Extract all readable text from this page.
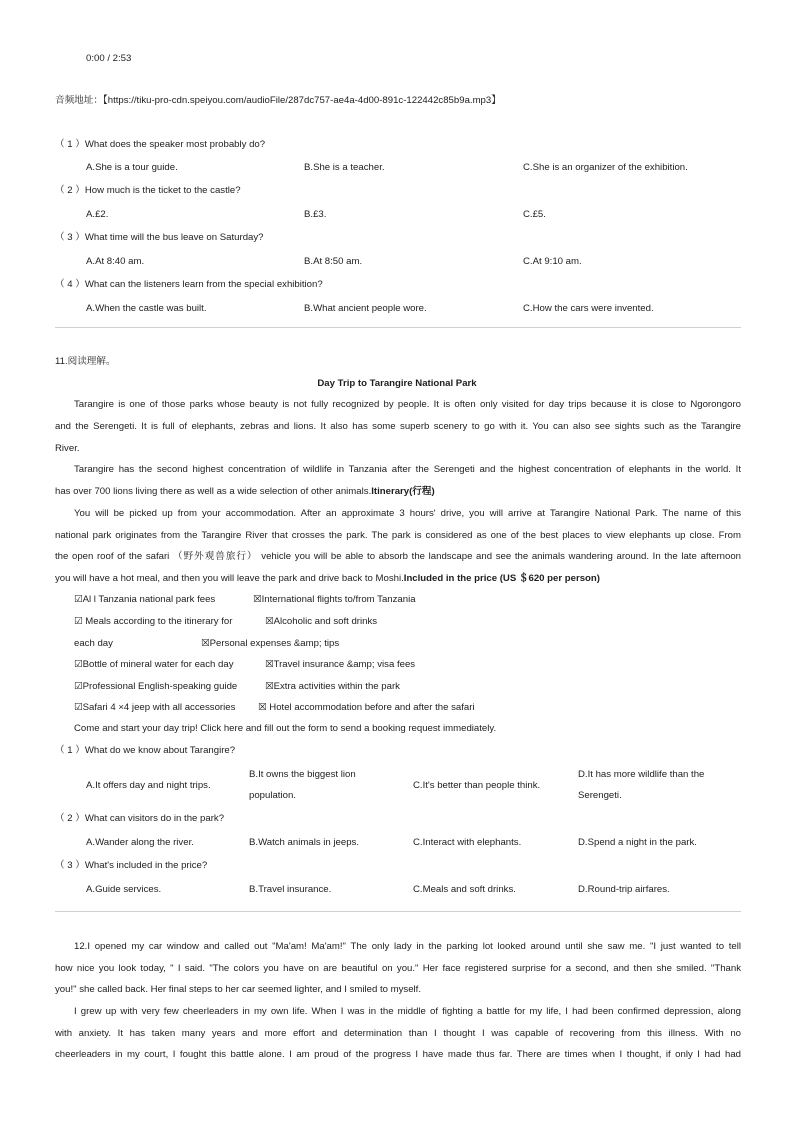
0:00 / 2:53
音频地址：【https://tiku-pro-cdn.speiyou.com/audioFile/287dc757-ae4a-4d00-891c-122442c85b9a.mp3】
（ 1 ）What does the speaker most probably do?
A.She is a tour guide.	B.She is a teacher.	C.She is an organizer of the exhibition.
（ 2 ）How much is the ticket to the castle?
A.£2.	B.£3.	C.£5.
（ 3 ）What time will the bus leave on Saturday?
A.At 8:40 am.	B.At 8:50 am.	C.At 9:10 am.
（ 4 ）What can the listeners learn from the special exhibition?
A.When the castle was built.	B.What ancient people wore.	C.How the cars were invented.
11.阅读理解。
Day Trip to Tarangire National Park
Tarangire is one of those parks whose beauty is not fully recognized by people. It is often only visited for day trips because it is close to Ngorongoro
and the Serengeti. It is full of elephants, zebras and lions. It also has some superb scenery to go with it. You can also see sights such as the Tarangire
River.
Tarangire has the second highest concentration of wildlife in Tanzania after the Serengeti and the highest concentration of elephants in the world. It
has over 700 lions living there as well as a wide selection of other animals.Itinerary(行程)
You will be picked up from your accommodation. After an approximate 3 hours' drive, you will arrive at Tarangire National Park. The name of this
national park originates from the Tarangire River that crosses the park. The park is considered as one of the best places to view elephants up close. From
the open roof of the safari （野外观兽旅行） vehicle you will be able to absorb the landscape and see the animals wandering around. In the late afternoon
you will have a hot meal, and then you will leave the park and drive back to Moshi.Included in the price (US ＄620 per person)
☑Al l Tanzania national park fees	☒International flights to/from Tanzania
☑ Meals according to the itinerary for	☒Alcoholic and soft drinks
each day	☒Personal expenses &amp; tips
☑Bottle of mineral water for each day	☒Travel insurance &amp; visa fees
☑Professional English-speaking guide	☒Extra activities within the park
☑Safari 4 ×4 jeep with all accessories ☒ Hotel accommodation before and after the safari
Come and start your day trip! Click here and fill out the form to send a booking request immediately.
（ 1 ）What do we know about Tarangire?
A.It offers day and night trips.
B.It owns the biggest lion
population.
C.It's better than people think.
D.It has more wildlife than the
Serengeti.
（ 2 ）What can visitors do in the park?
A.Wander along the river.	B.Watch animals in jeeps.	C.Interact with elephants.	D.Spend a night in the park.
（ 3 ）What's included in the price?
A.Guide services.	B.Travel insurance.	C.Meals and soft drinks.	D.Round-trip airfares.
12.I opened my car window and called out "Ma'am! Ma'am!" The only lady in the parking lot looked around until she saw me. "I just wanted to tell
how nice you look today, " I said. "The colors you have on are beautiful on you." Her face registered surprise for a second, and then she smiled. "Thank
you!" she called back. Her final steps to her car seemed lighter, and I smiled to myself.
I grew up with very few cheerleaders in my own life. When I was in the middle of fighting a battle for my life, I had been confirmed depression, along
with anxiety. It has taken many years and more effort and determination than I thought I was capable of recovering from this illness. With no
cheerleaders in my court, I fought this battle alone. I am proud of the progress I have made thus far. There are times when I thought, if only I had had
